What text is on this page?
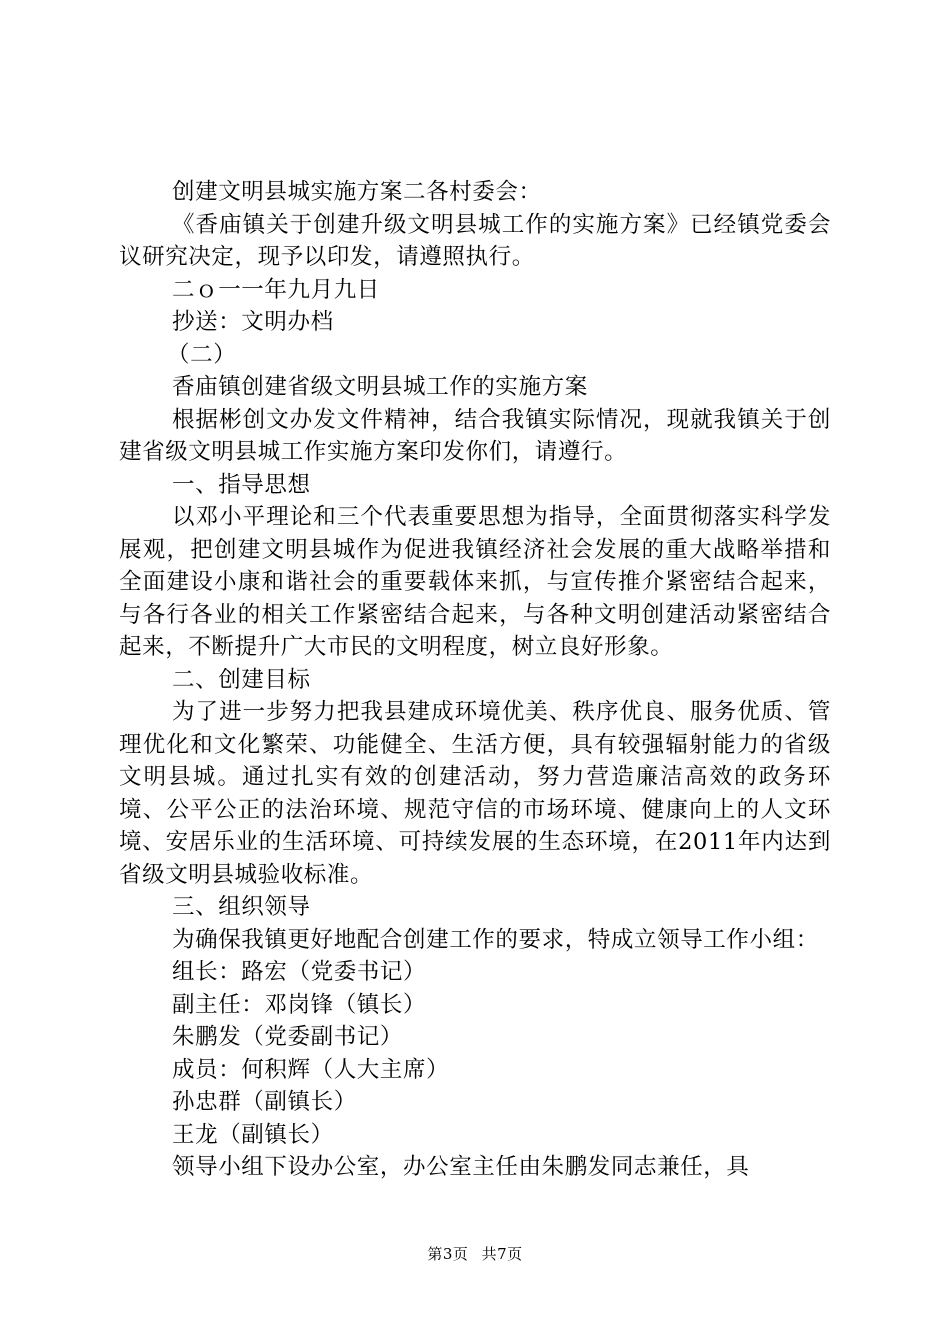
创建文明县城实施方案二各村委会：

《香庙镇关于创建升级文明县城工作的实施方案》已经镇党委会议研究决定，现予以印发，请遵照执行。

二ｏ一一年九月九日

抄送：文明办档

（二）

香庙镇创建省级文明县城工作的实施方案

根据彬创文办发文件精神，结合我镇实际情况，现就我镇关于创建省级文明县城工作实施方案印发你们，请遵行。

一、指导思想

以邓小平理论和三个代表重要思想为指导，全面贯彻落实科学发展观，把创建文明县城作为促进我镇经济社会发展的重大战略举措和全面建设小康和谐社会的重要载体来抓，与宣传推介紧密结合起来，与各行各业的相关工作紧密结合起来，与各种文明创建活动紧密结合起来，不断提升广大市民的文明程度，树立良好形象。

二、创建目标

为了进一步努力把我县建成环境优美、秩序优良、服务优质、管理优化和文化繁荣、功能健全、生活方便，具有较强辐射能力的省级文明县城。通过扎实有效的创建活动，努力营造廉洁高效的政务环境、公平公正的法治环境、规范守信的市场环境、健康向上的人文环境、安居乐业的生活环境、可持续发展的生态环境，在2011年内达到省级文明县城验收标准。

三、组织领导

为确保我镇更好地配合创建工作的要求，特成立领导工作小组：

组长：路宏（党委书记）

副主任：邓岗锋（镇长）

朱鹏发（党委副书记）

成员：何积辉（人大主席）

孙忠群（副镇长）

王龙（副镇长）

领导小组下设办公室，办公室主任由朱鹏发同志兼任，具

第3页 共7页
